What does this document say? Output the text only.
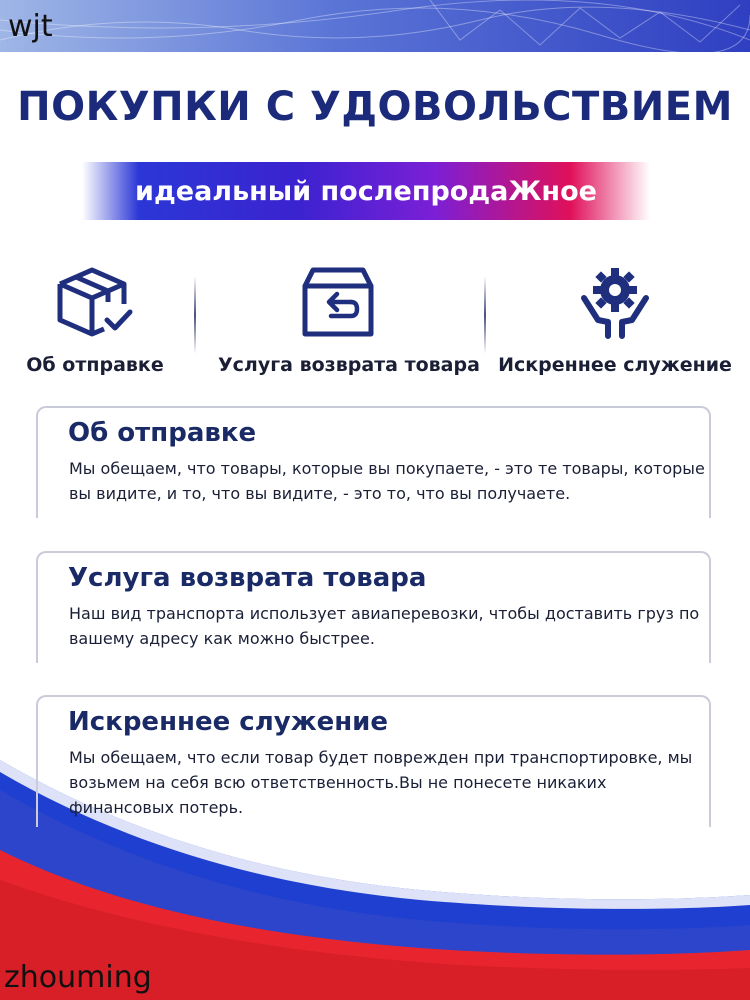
wjt
zhouming
ПОКУПКИ С УДОВОЛЬСТВИЕМ
идеальный послепродаЖное
Об отправке	Услуга возврата товара Искреннее служение
Об отправке

Мы обещаем, что товары, которые вы покупаете, - это те товары, которые вы видите, и то, что вы видите, - это то, что вы получаете.

Услуга возврата товара

Наш вид транспорта использует авиаперевозки, чтобы доставить груз по вашему адресу как можно быстрее.

Искреннее служение

Мы обещаем, что если товар будет поврежден при транспортировке, мы возьмем на себя всю ответственность.Вы не понесете никаких финансовых потерь.
